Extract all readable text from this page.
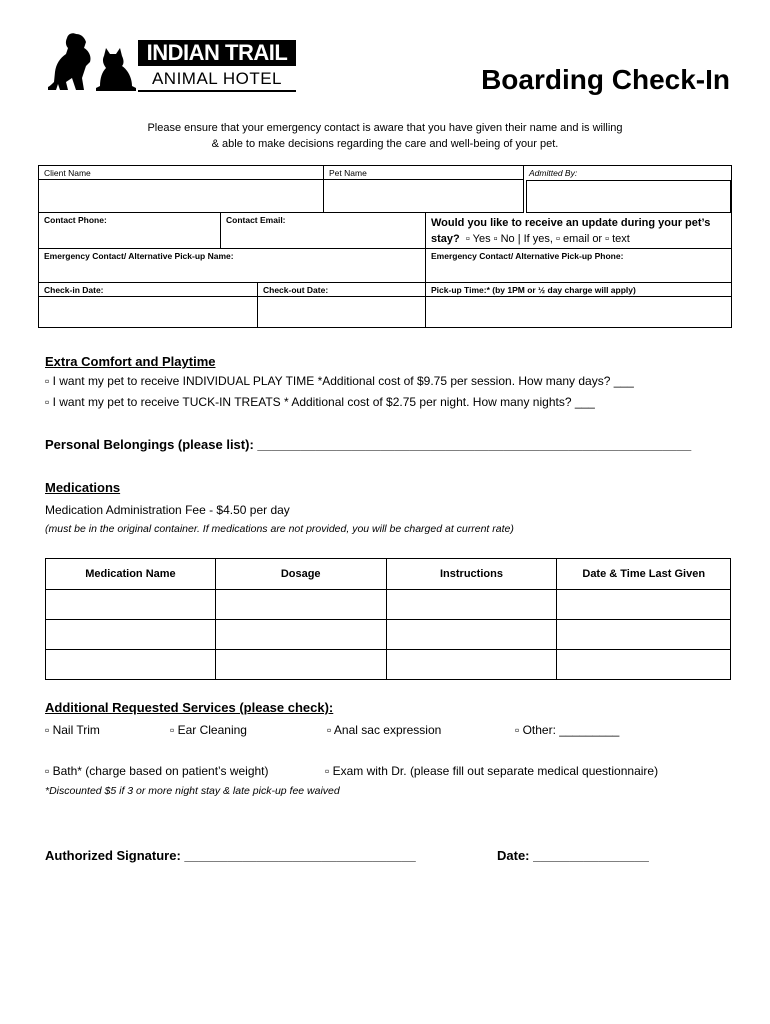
INDIAN TRAIL
ANIMAL HOTEL	Boarding Check-In
Please ensure that your emergency contact is aware that you have given their name and is willing
& able to make decisions regarding the care and well-being of your pet.
Client Name	Pet Name	Admitted By:
Contact Phone:	Contact Email:	Would you like to receive an update during your pet’s
stay? ▫ Yes ▫ No | If yes, ▫ email or ▫ text
Emergency Contact/ Alternative Pick-up Name:	Emergency Contact/ Alternative Pick-up Phone:
Check-in Date:	Check-out Date:	Pick-up Time:* (by 1PM or ½ day charge will apply)
Extra Comfort and Playtime
▫ I want my pet to receive INDIVIDUAL PLAY TIME *Additional cost of $9.75 per session. How many days? ___
▫ I want my pet to receive TUCK-IN TREATS * Additional cost of $2.75 per night. How many nights? ___
Personal Belongings (please list): ____________________________________________________________
Medications
Medication Administration Fee - $4.50 per day
(must be in the original container. If medications are not provided, you will be charged at current rate)
Medication Name	Dosage	Instructions	Date & Time Last Given

Additional Requested Services (please check):
▫ Nail Trim	▫ Ear Cleaning	▫ Anal sac expression	▫ Other: _________
▫ Bath* (charge based on patient’s weight)	▫ Exam with Dr. (please fill out separate medical questionnaire)
*Discounted $5 if 3 or more night stay & late pick-up fee waived
Authorized Signature: ________________________________	Date: ________________
